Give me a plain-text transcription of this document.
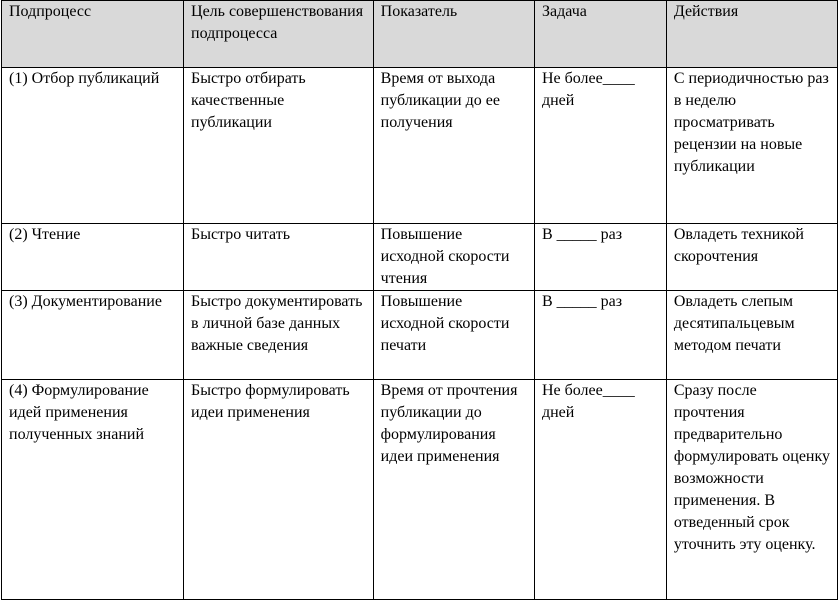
Подпроцесс	Цель совершенствования подпроцесса	Показатель	Задача	Действия
(1) Отбор публикаций	Быстро отбирать качественные публикации	Время от выхода публикации до ее получения	Не более____ дней	С периодичностью раз в неделю просматривать рецензии на новые публикации
(2) Чтение	Быстро читать	Повышение исходной скорости чтения	В _____ раз	Овладеть техникой скорочтения
(3) Документирование	Быстро документировать в личной базе данных важные сведения	Повышение исходной скорости печати	В _____ раз	Овладеть слепым десятипальцевым методом печати
(4) Формулирование идей применения полученных знаний	Быстро формулировать идеи применения	Время от прочтения публикации до формулирования идеи применения	Не более____ дней	Сразу после прочтения предварительно формулировать оценку возможности применения. В отведенный срок уточнить эту оценку.
